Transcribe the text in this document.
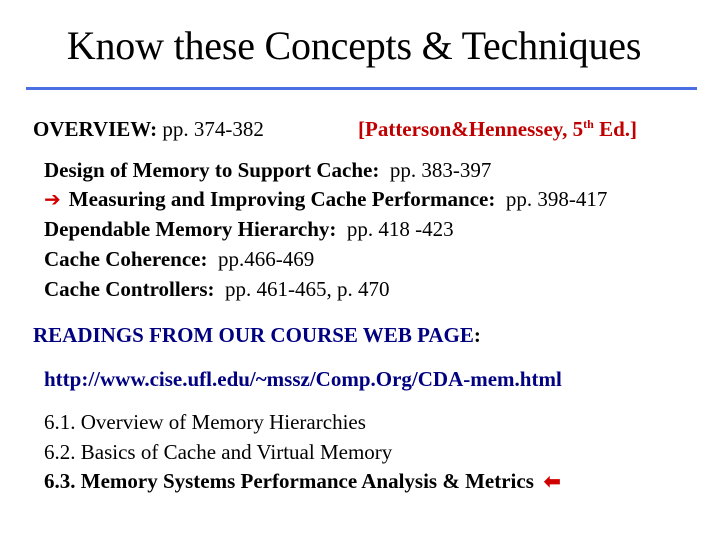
Know these Concepts & Techniques
OVERVIEW: pp. 374-382	[Patterson&Hennessey, 5th Ed.]
Design of Memory to Support Cache: pp. 383-397
➔ Measuring and Improving Cache Performance: pp. 398-417
Dependable Memory Hierarchy: pp. 418 -423
Cache Coherence: pp.466-469
Cache Controllers: pp. 461-465, p. 470
READINGS FROM OUR COURSE WEB PAGE:
http://www.cise.ufl.edu/~mssz/Comp.Org/CDA-mem.html
6.1. Overview of Memory Hierarchies
6.2. Basics of Cache and Virtual Memory
6.3. Memory Systems Performance Analysis & Metrics ⬅
